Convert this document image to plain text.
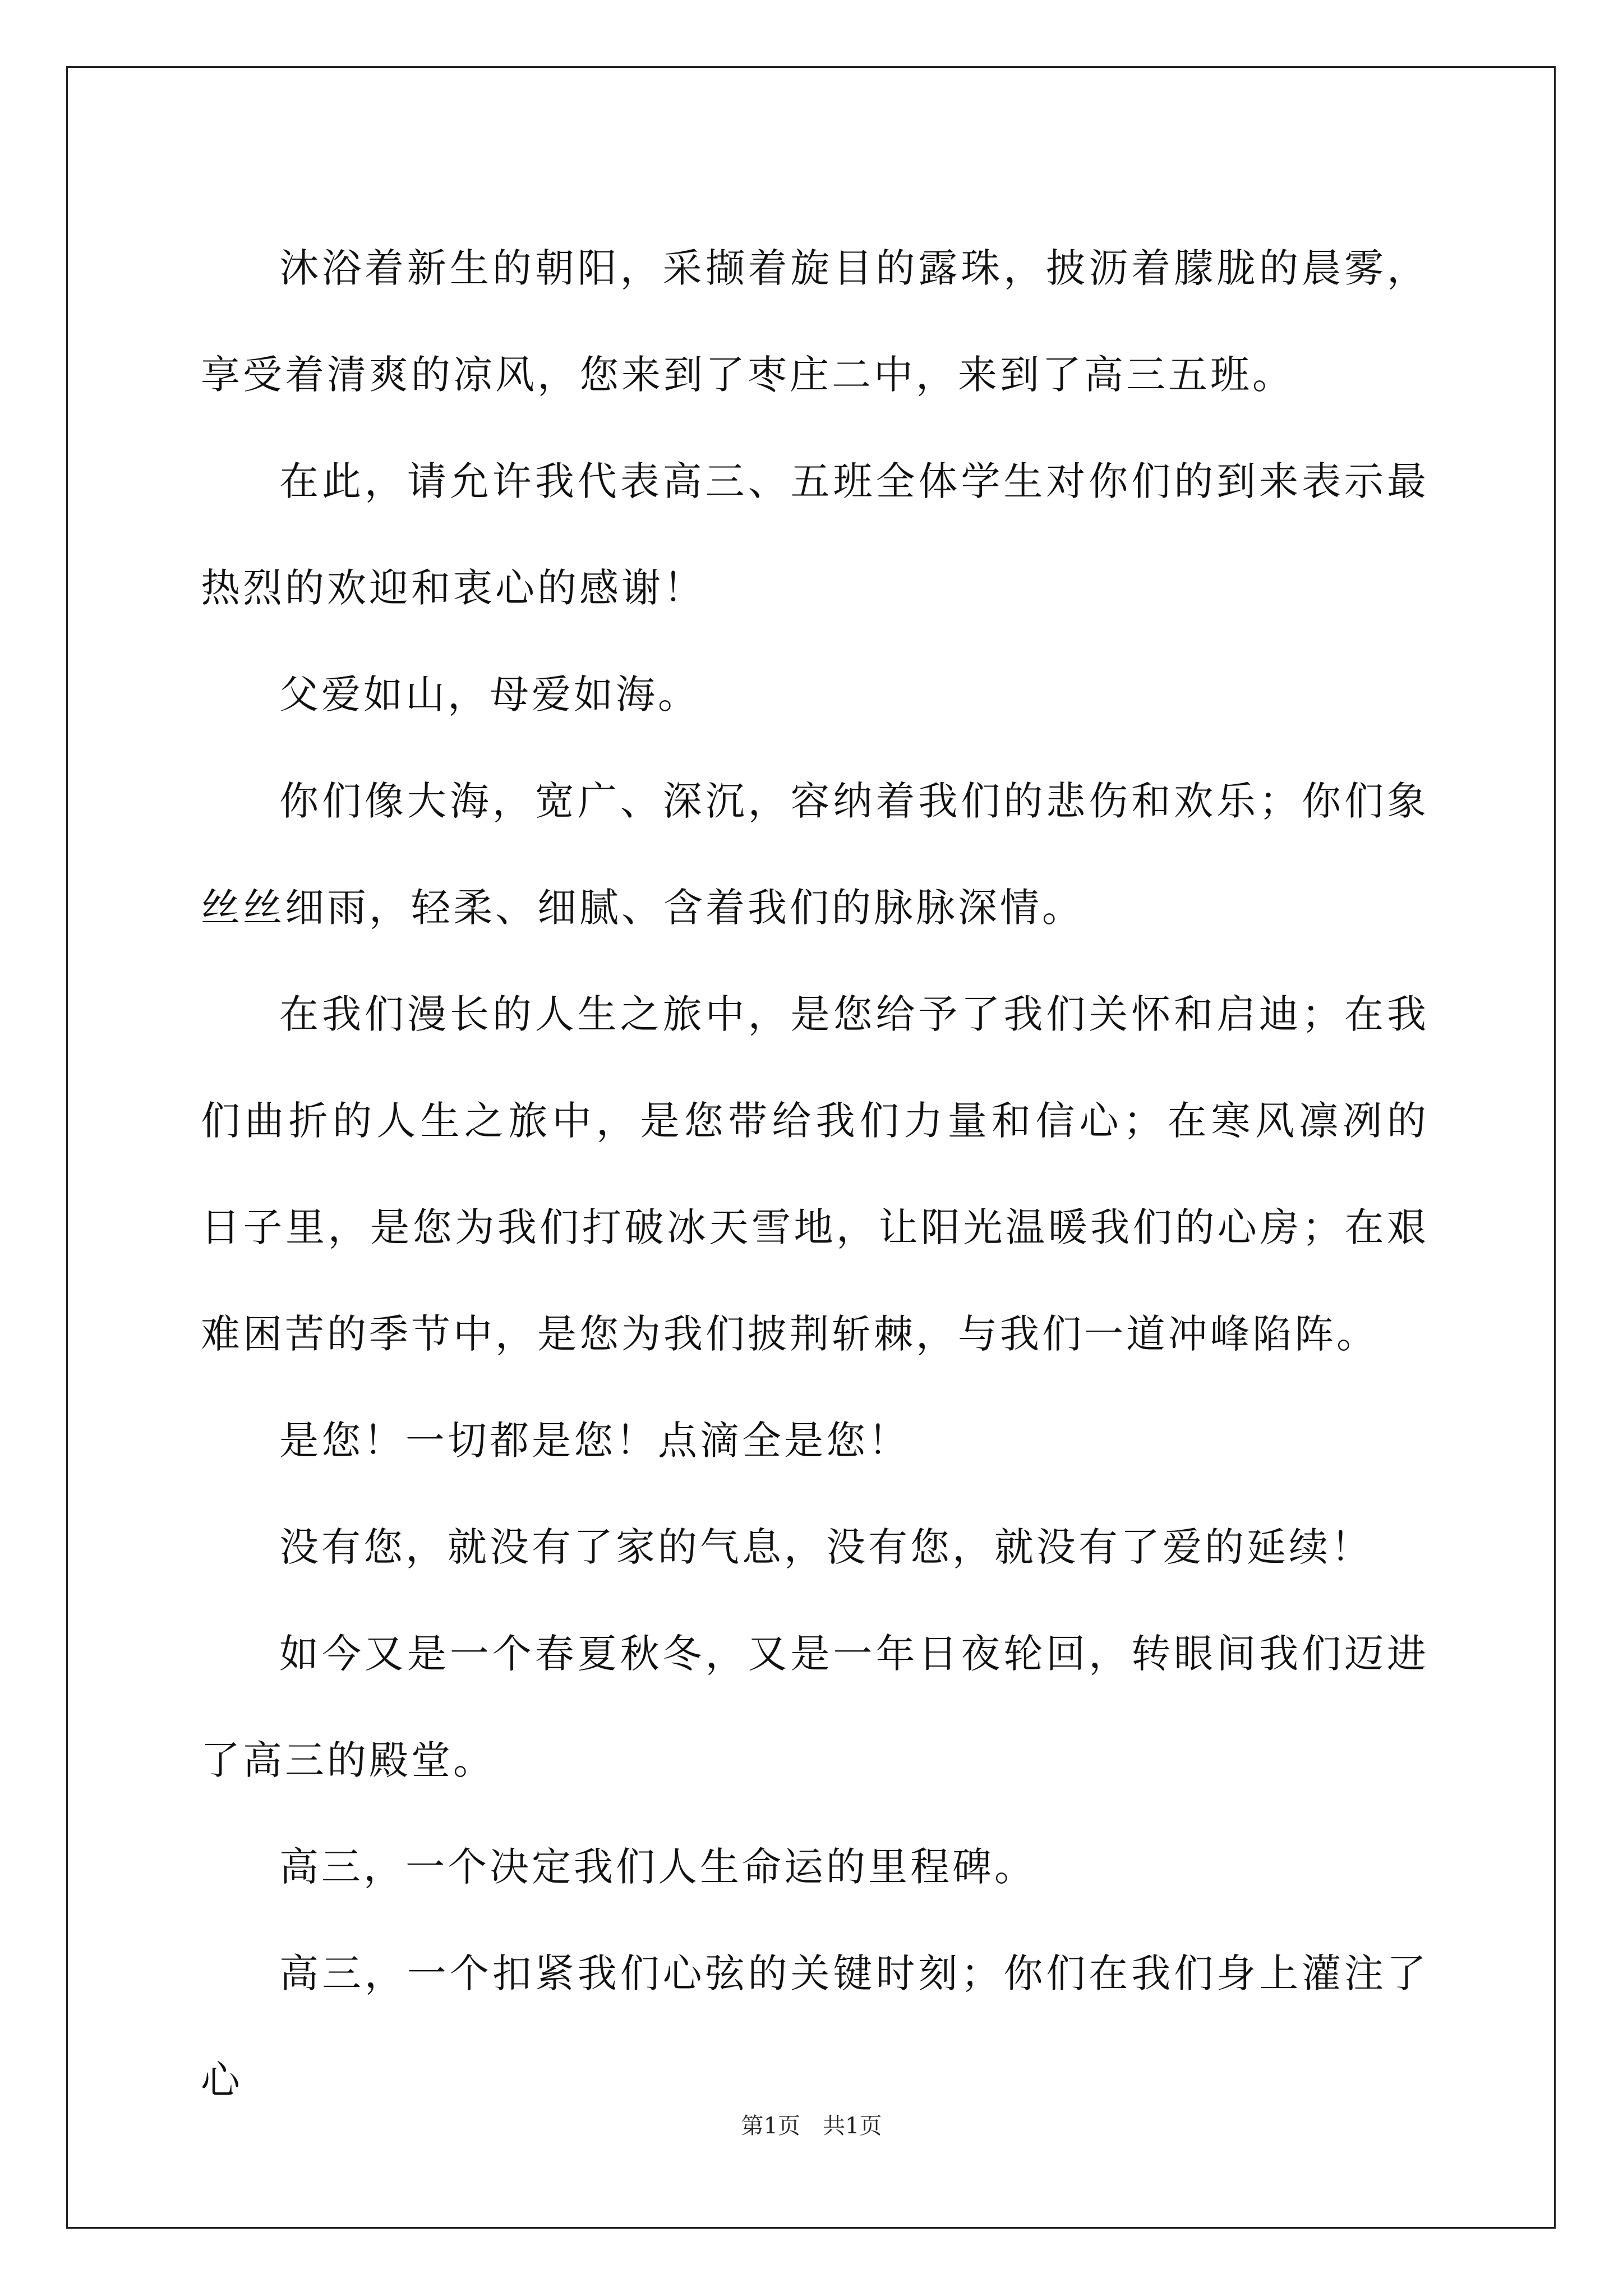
沐浴着新生的朝阳，采撷着旋目的露珠，披沥着朦胧的晨雾，享受着清爽的凉风，您来到了枣庄二中，来到了高三五班。

在此，请允许我代表高三、五班全体学生对你们的到来表示最热烈的欢迎和衷心的感谢！

父爱如山，母爱如海。

你们像大海，宽广、深沉，容纳着我们的悲伤和欢乐；你们象丝丝细雨，轻柔、细腻、含着我们的脉脉深情。

在我们漫长的人生之旅中，是您给予了我们关怀和启迪；在我们曲折的人生之旅中，是您带给我们力量和信心；在寒风凛冽的 日子里，是您为我们打破冰天雪地，让阳光温暖我们的心房；在艰难困苦的季节中，是您为我们披荆斩棘，与我们一道冲峰陷阵。

是您！一切都是您！点滴全是您！

没有您，就没有了家的气息，没有您，就没有了爱的延续！

如今又是一个春夏秋冬，又是一年日夜轮回，转眼间我们迈进了高三的殿堂。

高三，一个决定我们人生命运的里程碑。

高三，一个扣紧我们心弦的关键时刻；你们在我们身上灌注了心

第1页　共1页
